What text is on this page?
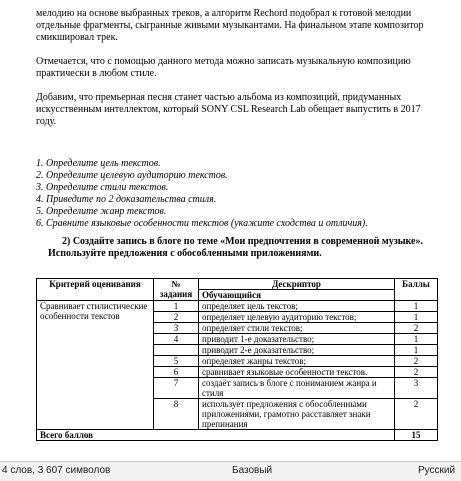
мелодию на основе выбранных треков, а алгоритм Rechord подобрал к готовой мелодии
отдельные фрагменты, сыгранные живыми музыкантами. На финальном этапе композитор
смикшировал трек.
Отмечается, что с помощью данного метода можно записать музыкальную композицию
практически в любом стиле.
Добавим, что премьерная песня станет частью альбома из композиций, придуманных
искусственным интеллектом, который SONY CSL Research Lab обещает выпустить в 2017
году.
1. Определите цель текстов.
2. Определите целевую аудиторию текстов.
3. Определите стили текстов.
4. Приведите по 2 доказательства стиля.
5. Определите жанр текстов.
6. Сравните языковые особенности текстов (укажите сходства и отличия).
2) Создайте запись в блоге по теме «Мои предпочтения в современной музыке».
Используйте предложения с обособленными приложениями.
Критерий оценивания	№ задания	Дескриптор	Баллы
		Обучающийся	
Сравнивает стилистические особенности текстов	1	определяет цель текстов;	1
	2	определяет целевую аудиторию текстов;	1
	3	определяет стили текстов;	2
	4	приводит 1-е доказательство;	1
		приводит 2-е доказательство;	1
	5	определяет жанры текстов;	2
	6	сравнивает языковые особенности текстов.	2
	7	создаёт запись в блоге с пониманием жанра и стиля	3
	8	использует предложения с обособленными приложениями, грамотно расставляет знаки препинания	2
Всего баллов			15
4 слов, 3 607 символов	Базовый	Русский
